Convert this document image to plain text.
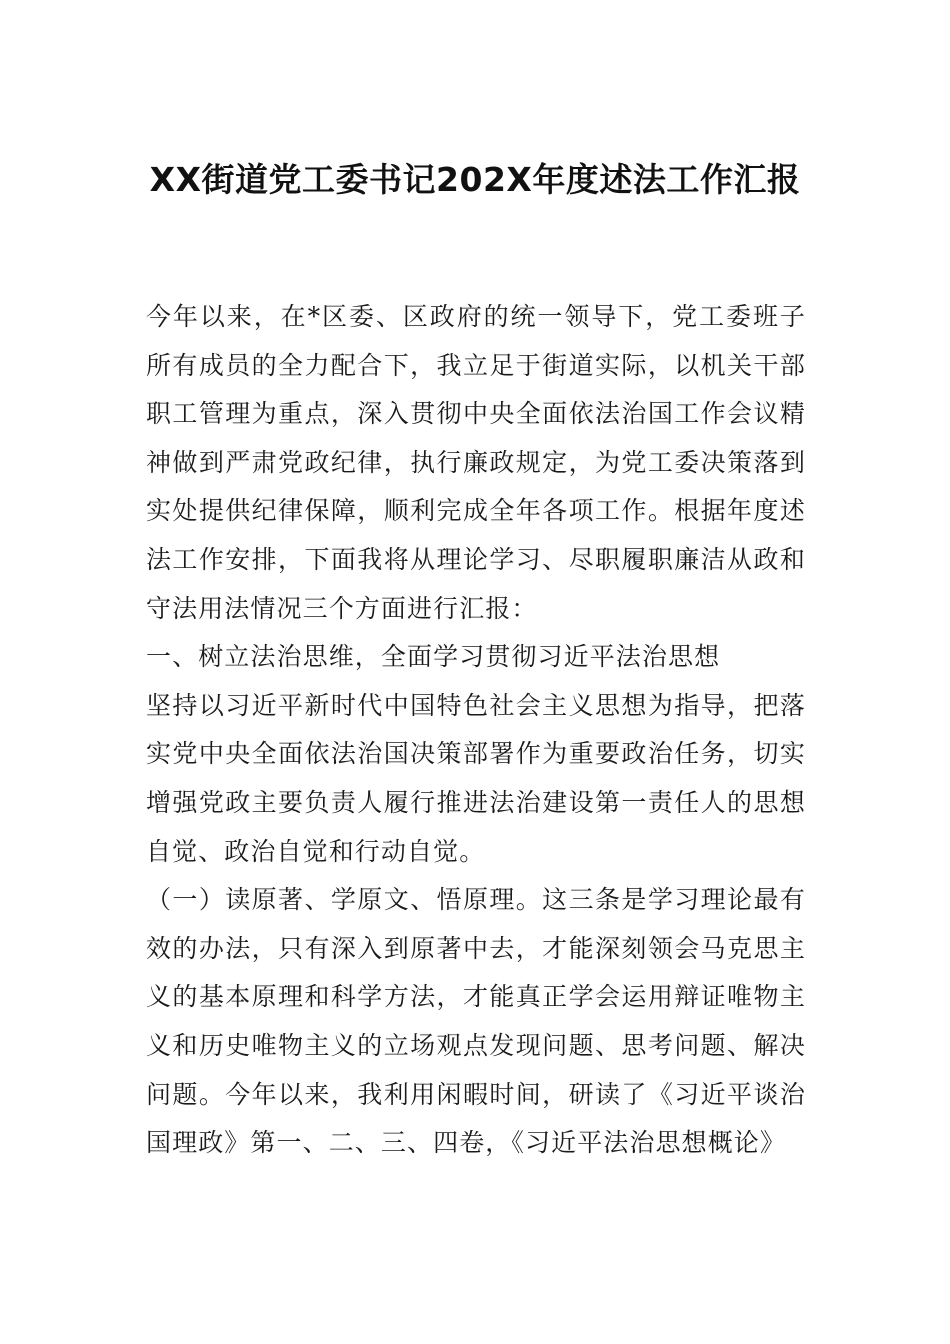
XX街道党工委书记202X年度述法工作汇报

今年以来，在*区委、区政府的统一领导下，党工委班子所有成员的全力配合下，我立足于街道实际，以机关干部职工管理为重点，深入贯彻中央全面依法治国工作会议精神做到严肃党政纪律，执行廉政规定，为党工委决策落到实处提供纪律保障，顺利完成全年各项工作。根据年度述法工作安排，下面我将从理论学习、尽职履职廉洁从政和守法用法情况三个方面进行汇报：

一、树立法治思维，全面学习贯彻习近平法治思想

坚持以习近平新时代中国特色社会主义思想为指导，把落实党中央全面依法治国决策部署作为重要政治任务，切实增强党政主要负责人履行推进法治建设第一责任人的思想自觉、政治自觉和行动自觉。

（一）读原著、学原文、悟原理。这三条是学习理论最有效的办法，只有深入到原著中去，才能深刻领会马克思主义的基本原理和科学方法，才能真正学会运用辩证唯物主义和历史唯物主义的立场观点发现问题、思考问题、解决问题。今年以来，我利用闲暇时间，研读了《习近平谈治国理政》第一、二、三、四卷，《习近平法治思想概论》
